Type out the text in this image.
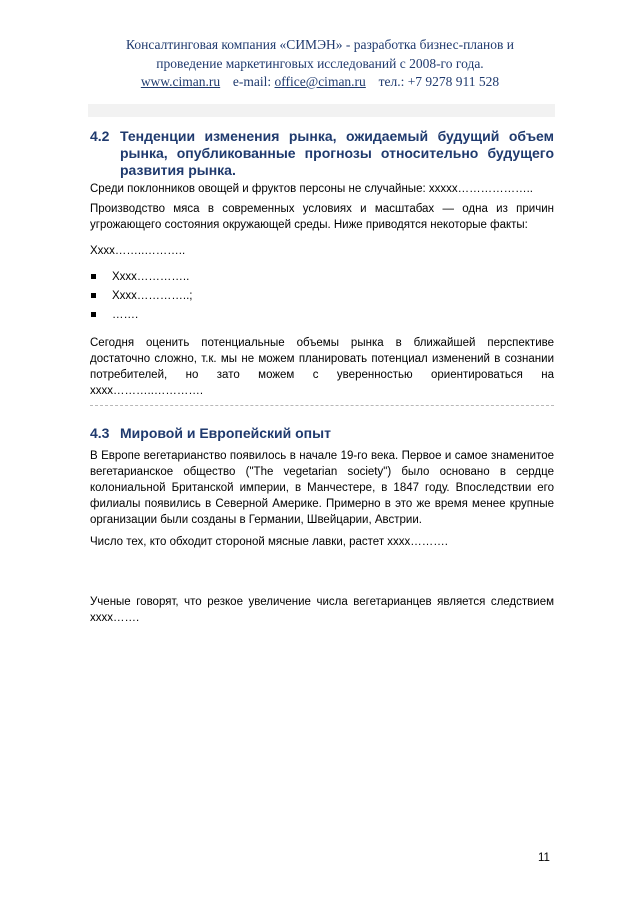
Консалтинговая компания «СИМЭН» - разработка бизнес-планов и
проведение маркетинговых исследований с 2008-го года.
www.ciman.ru e-mail: office@ciman.ru тел.: +7 9278 911 528
4.2 Тенденции изменения рынка, ожидаемый будущий объем рынка, опубликованные прогнозы относительно будущего развития рынка.

Среди поклонников овощей и фруктов персоны не случайные: ххххх………………..

Производство мяса в современных условиях и масштабах — одна из причин угрожающего состояния окружающей среды. Ниже приводятся некоторые факты:

Хххх……..………..

Хххх…………..
Хххх…………..;
…….

Сегодня оценить потенциальные объемы рынка в ближайшей перспективе достаточно сложно, т.к. мы не можем планировать потенциал изменений в сознании потребителей, но зато можем с уверенностью ориентироваться на хххх………..………….

4.3 Мировой и Европейский опыт

В Европе вегетарианство появилось в начале 19-го века. Первое и самое знаменитое вегетарианское общество ("The vegetarian society") было основано в сердце колониальной Британской империи, в Манчестере, в 1847 году. Впоследствии его филиалы появились в Северной Америке. Примерно в это же время менее крупные организации были созданы в Германии, Швейцарии, Австрии.

Число тех, кто обходит стороной мясные лавки, растет хххх……….

Ученые говорят, что резкое увеличение числа вегетарианцев является следствием хххх…….

11
